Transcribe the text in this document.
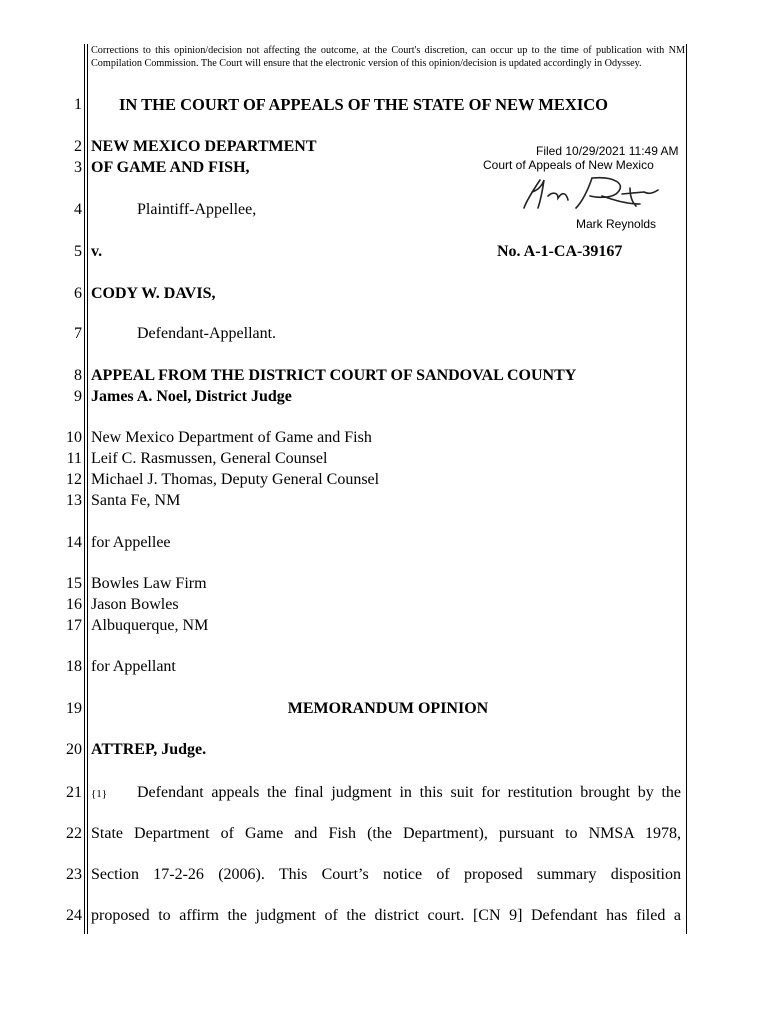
Corrections to this opinion/decision not affecting the outcome, at the Court's discretion, can occur up to the time of publication with NM Compilation Commission. The Court will ensure that the electronic version of this opinion/decision is updated accordingly in Odyssey.
1
2
3
4
5
6
7
8
9
10
11
12
13
14
15
16
17
18
19
20
21
22
23
24
IN THE COURT OF APPEALS OF THE STATE OF NEW MEXICO
NEW MEXICO DEPARTMENT
OF GAME AND FISH,
Plaintiff-Appellee,
Filed 10/29/2021 11:49 AM
Court of Appeals of New Mexico
Mark Reynolds
v.	No. A-1-CA-39167
CODY W. DAVIS,
Defendant-Appellant.
APPEAL FROM THE DISTRICT COURT OF SANDOVAL COUNTY
James A. Noel, District Judge
New Mexico Department of Game and Fish
Leif C. Rasmussen, General Counsel
Michael J. Thomas, Deputy General Counsel
Santa Fe, NM
for Appellee
Bowles Law Firm
Jason Bowles
Albuquerque, NM
for Appellant
MEMORANDUM OPINION
ATTREP, Judge.
{1} Defendant appeals the final judgment in this suit for restitution brought by the
State Department of Game and Fish (the Department), pursuant to NMSA 1978,
Section 17-2-26 (2006). This Court’s notice of proposed summary disposition
proposed to affirm the judgment of the district court. [CN 9] Defendant has filed a
